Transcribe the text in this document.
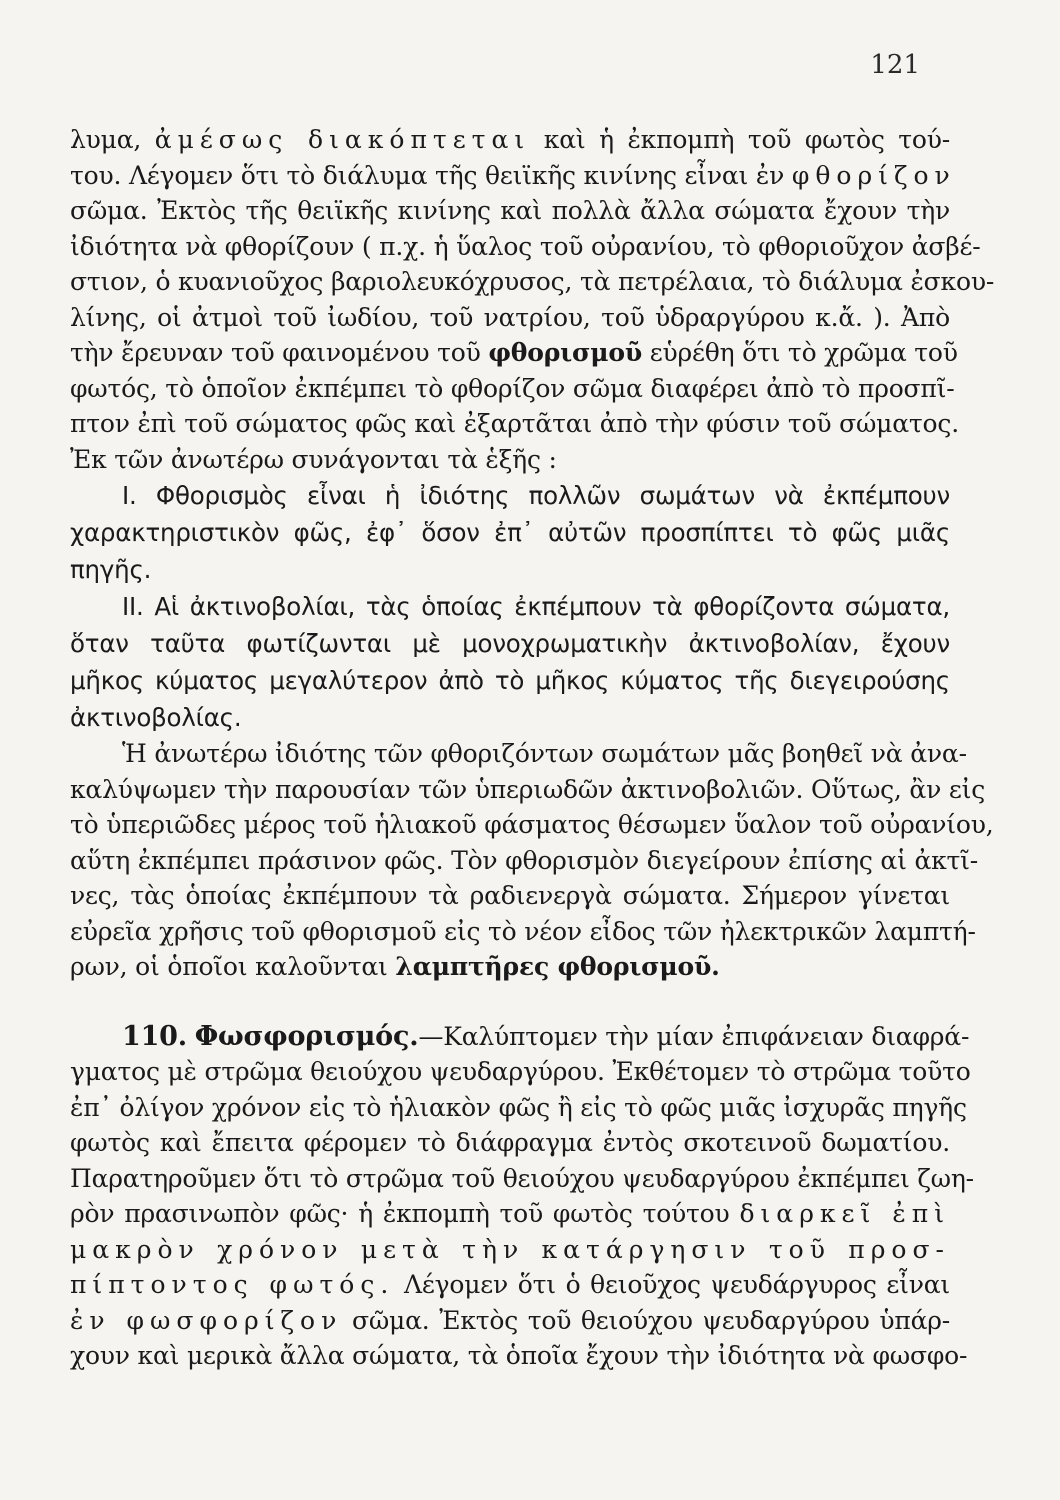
121
λυμα, ἀμέσως διακόπτεται καὶ ἡ ἐκπομπὴ τοῦ φωτὸς τού-
του. Λέγομεν ὅτι τὸ διάλυμα τῆς θειϊκῆς κινίνης εἶναι ἐν φθορίζον
σῶμα. Ἐκτὸς τῆς θειϊκῆς κινίνης καὶ πολλὰ ἄλλα σώματα ἔχουν τὴν
ἰδιότητα νὰ φθορίζουν ( π.χ. ἡ ὕαλος τοῦ οὐρανίου, τὸ φθοριοῦχον ἀσβέ-
στιον, ὁ κυανιοῦχος βαριολευκόχρυσος, τὰ πετρέλαια, τὸ διάλυμα ἐσκου-
λίνης, οἱ ἀτμοὶ τοῦ ἰωδίου, τοῦ νατρίου, τοῦ ὑδραργύρου κ.ἄ. ). Ἀπὸ
τὴν ἔρευναν τοῦ φαινομένου τοῦ φθορισμοῦ εὑρέθη ὅτι τὸ χρῶμα τοῦ
φωτός, τὸ ὁποῖον ἐκπέμπει τὸ φθορίζον σῶμα διαφέρει ἀπὸ τὸ προσπῖ-
πτον ἐπὶ τοῦ σώματος φῶς καὶ ἐξαρτᾶται ἀπὸ τὴν φύσιν τοῦ σώματος.
Ἐκ τῶν ἀνωτέρω συνάγονται τὰ ἑξῆς :
I. Φθορισμὸς εἶναι ἡ ἰδιότης πολλῶν σωμάτων νὰ ἐκπέμπουν
χαρακτηριστικὸν φῶς, ἐφ᾽ ὅσον ἐπ᾽ αὐτῶν προσπίπτει τὸ φῶς μιᾶς
πηγῆς.
II. Αἱ ἀκτινοβολίαι, τὰς ὁποίας ἐκπέμπουν τὰ φθορίζοντα σώματα,
ὅταν ταῦτα φωτίζωνται μὲ μονοχρωματικὴν ἀκτινοβολίαν, ἔχουν
μῆκος κύματος μεγαλύτερον ἀπὸ τὸ μῆκος κύματος τῆς διεγειρούσης
ἀκτινοβολίας.
Ἡ ἀνωτέρω ἰδιότης τῶν φθοριζόντων σωμάτων μᾶς βοηθεῖ νὰ ἀνα-
καλύψωμεν τὴν παρουσίαν τῶν ὑπεριωδῶν ἀκτινοβολιῶν. Οὕτως, ἂν εἰς
τὸ ὑπεριῶδες μέρος τοῦ ἡλιακοῦ φάσματος θέσωμεν ὕαλον τοῦ οὐρανίου,
αὕτη ἐκπέμπει πράσινον φῶς. Τὸν φθορισμὸν διεγείρουν ἐπίσης αἱ ἀκτῖ-
νες, τὰς ὁποίας ἐκπέμπουν τὰ ραδιενεργὰ σώματα. Σήμερον γίνεται
εὐρεῖα χρῆσις τοῦ φθορισμοῦ εἰς τὸ νέον εἶδος τῶν ἠλεκτρικῶν λαμπτή-
ρων, οἱ ὁποῖοι καλοῦνται λαμπτῆρες φθορισμοῦ.
110. Φωσφορισμός.—Καλύπτομεν τὴν μίαν ἐπιφάνειαν διαφρά-
γματος μὲ στρῶμα θειούχου ψευδαργύρου. Ἐκθέτομεν τὸ στρῶμα τοῦτο
ἐπ᾽ ὀλίγον χρόνον εἰς τὸ ἡλιακὸν φῶς ἢ εἰς τὸ φῶς μιᾶς ἰσχυρᾶς πηγῆς
φωτὸς καὶ ἔπειτα φέρομεν τὸ διάφραγμα ἐντὸς σκοτεινοῦ δωματίου.
Παρατηροῦμεν ὅτι τὸ στρῶμα τοῦ θειούχου ψευδαργύρου ἐκπέμπει ζωη-
ρὸν πρασινωπὸν φῶς· ἡ ἐκπομπὴ τοῦ φωτὸς τούτου διαρκεῖ ἐπὶ
μακρὸν χρόνον μετὰ τὴν κατάργησιν τοῦ προσ-
πίπτοντος φωτός. Λέγομεν ὅτι ὁ θειοῦχος ψευδάργυρος εἶναι
ἐν φωσφορίζον σῶμα. Ἐκτὸς τοῦ θειούχου ψευδαργύρου ὑπάρ-
χουν καὶ μερικὰ ἄλλα σώματα, τὰ ὁποῖα ἔχουν τὴν ἰδιότητα νὰ φωσφο-
